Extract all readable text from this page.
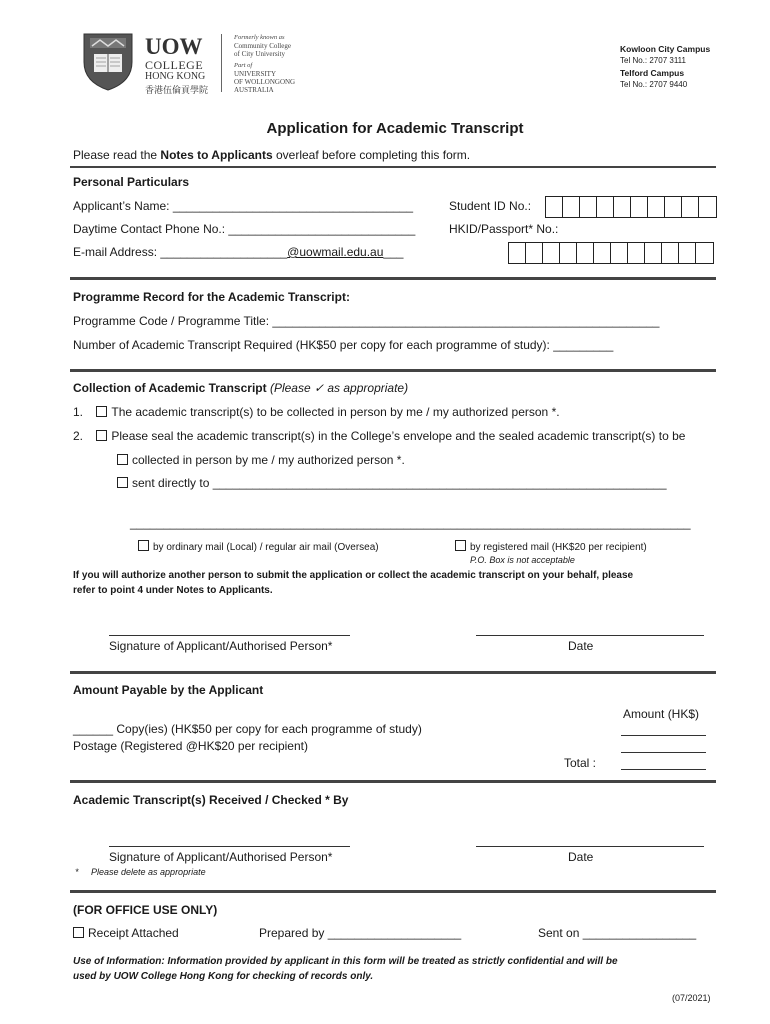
UOW
COLLEGE
HONG KONG
香港伍倫貢學院
Formerly known as
Community College
of City University
Part of
UNIVERSITY
OF WOLLONGONG
AUSTRALIA
Kowloon City Campus
Tel No.: 2707 3111
Telford Campus
Tel No.: 2707 9440
Application for Academic Transcript
Please read the Notes to Applicants overleaf before completing this form.
Personal Particulars
Applicant’s Name: ____________________________________	Student ID No.:
Daytime Contact Phone No.: ____________________________	HKID/Passport* No.:
E-mail Address: ___________________@uowmail.edu.au___
Programme Record for the Academic Transcript:
Programme Code / Programme Title: __________________________________________________________
Number of Academic Transcript Required (HK$50 per copy for each programme of study): _________
Collection of Academic Transcript (Please ✓ as appropriate)
1. The academic transcript(s) to be collected in person by me / my authorized person *.
2. Please seal the academic transcript(s) in the College’s envelope and the sealed academic transcript(s) to be
collected in person by me / my authorized person *.
sent directly to ____________________________________________________________________
____________________________________________________________________________________
by ordinary mail (Local) / regular air mail (Oversea)	by registered mail (HK$20 per recipient)
P.O. Box is not acceptable
If you will authorize another person to submit the application or collect the academic transcript on your behalf, please
refer to point 4 under Notes to Applicants.
Signature of Applicant/Authorised Person*	Date
Amount Payable by the Applicant
Amount (HK$)
______ Copy(ies) (HK$50 per copy for each programme of study)
Postage (Registered @HK$20 per recipient)
Total :
Academic Transcript(s) Received / Checked * By
Signature of Applicant/Authorised Person*	Date
* Please delete as appropriate
(FOR OFFICE USE ONLY)
Receipt Attached	Prepared by ____________________	Sent on _________________
Use of Information: Information provided by applicant in this form will be treated as strictly confidential and will be
used by UOW College Hong Kong for checking of records only.
(07/2021)
